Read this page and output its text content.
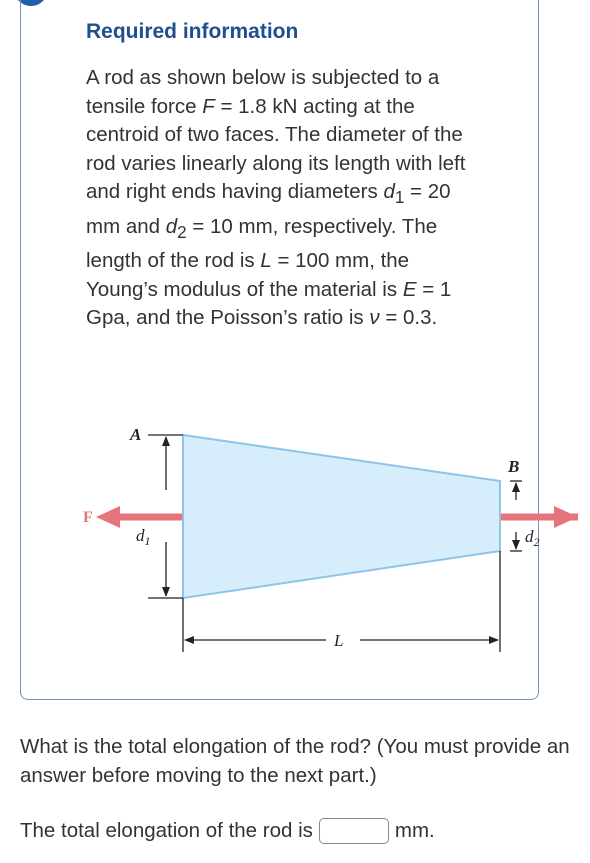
Required information

A rod as shown below is subjected to a tensile force F = 1.8 kN acting at the centroid of two faces. The diameter of the rod varies linearly along its length with left and right ends having diameters $d_1 = 20$ mm and $d_2 = 10$ mm, respectively. The length of the rod is L = 100 mm, the Young’s modulus of the material is E = 1 Gpa, and the Poisson’s ratio is ν = 0.3.

A
B
F
$d_1$	$d_2$
L

What is the total elongation of the rod? (You must provide an answer before moving to the next part.)

The total elongation of the rod is	mm.
